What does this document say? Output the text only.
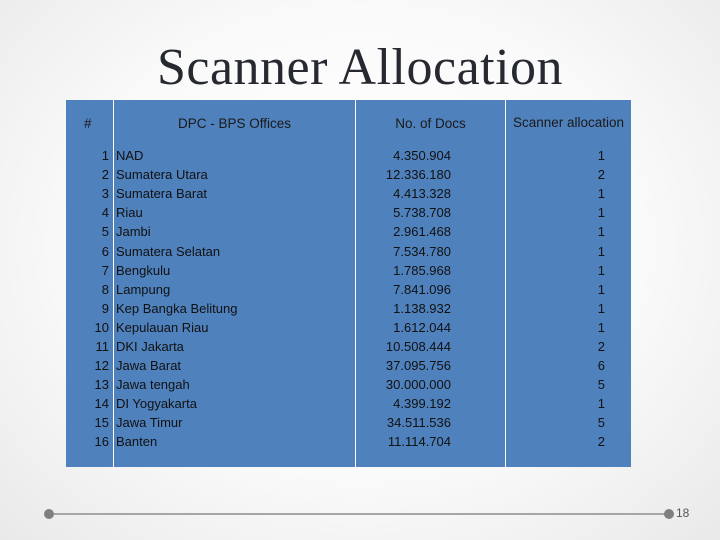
Scanner Allocation
#	DPC - BPS Offices	No. of Docs	Scanner allocation
1	NAD	4.350.904	1
2	Sumatera Utara	12.336.180	2
3	Sumatera Barat	4.413.328	1
4	Riau	5.738.708	1
5	Jambi	2.961.468	1
6	Sumatera Selatan	7.534.780	1
7	Bengkulu	1.785.968	1
8	Lampung	7.841.096	1
9	Kep Bangka Belitung	1.138.932	1
10	Kepulauan Riau	1.612.044	1
11	DKI Jakarta	10.508.444	2
12	Jawa Barat	37.095.756	6
13	Jawa tengah	30.000.000	5
14	DI Yogyakarta	4.399.192	1
15	Jawa Timur	34.511.536	5
16	Banten	11.114.704	2

18
